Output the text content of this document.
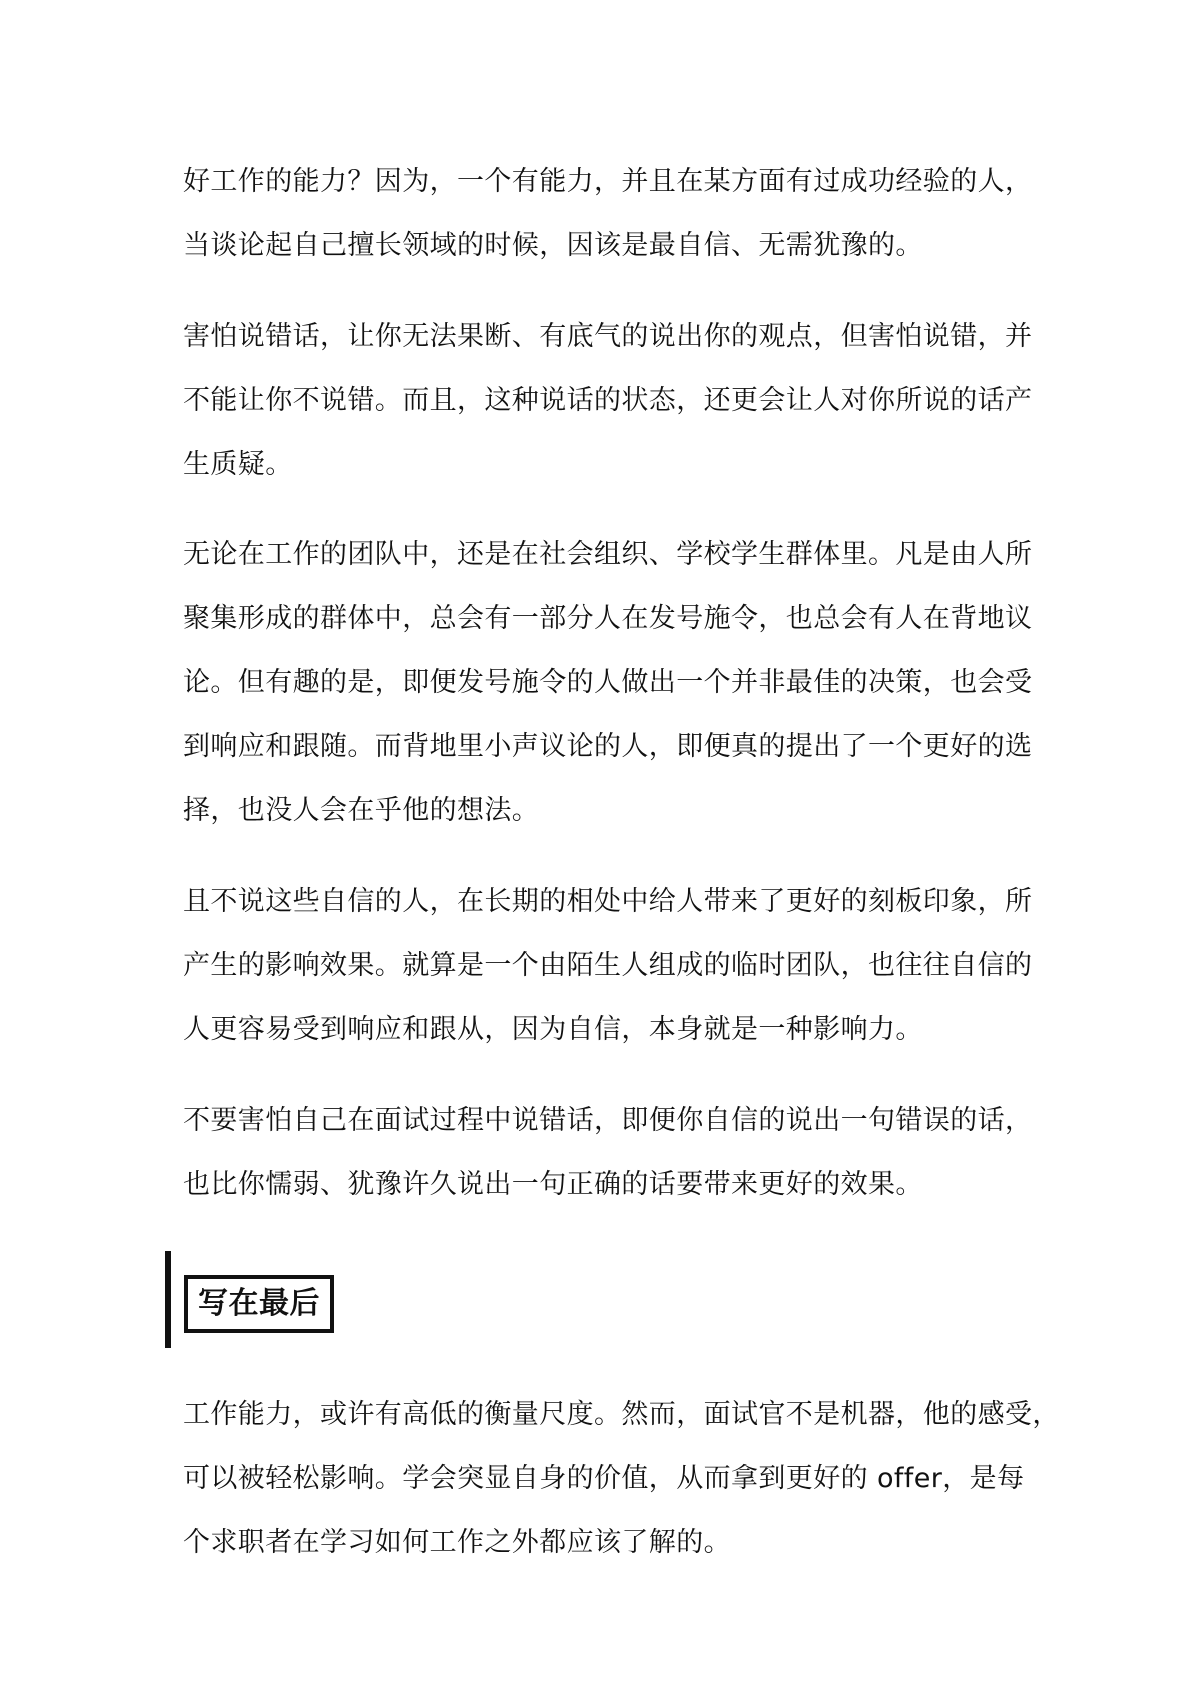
好工作的能力？因为，一个有能力，并且在某方面有过成功经验的人，
当谈论起自己擅长领域的时候，因该是最自信、无需犹豫的。
害怕说错话，让你无法果断、有底气的说出你的观点，但害怕说错，并
不能让你不说错。而且，这种说话的状态，还更会让人对你所说的话产
生质疑。
无论在工作的团队中，还是在社会组织、学校学生群体里。凡是由人所
聚集形成的群体中，总会有一部分人在发号施令，也总会有人在背地议
论。但有趣的是，即便发号施令的人做出一个并非最佳的决策，也会受
到响应和跟随。而背地里小声议论的人，即便真的提出了一个更好的选
择，也没人会在乎他的想法。
且不说这些自信的人，在长期的相处中给人带来了更好的刻板印象，所
产生的影响效果。就算是一个由陌生人组成的临时团队，也往往自信的
人更容易受到响应和跟从，因为自信，本身就是一种影响力。
不要害怕自己在面试过程中说错话，即便你自信的说出一句错误的话，
也比你懦弱、犹豫许久说出一句正确的话要带来更好的效果。
写在最后
工作能力，或许有高低的衡量尺度。然而，面试官不是机器，他的感受，
可以被轻松影响。学会突显自身的价值，从而拿到更好的 offer，是每
个求职者在学习如何工作之外都应该了解的。
